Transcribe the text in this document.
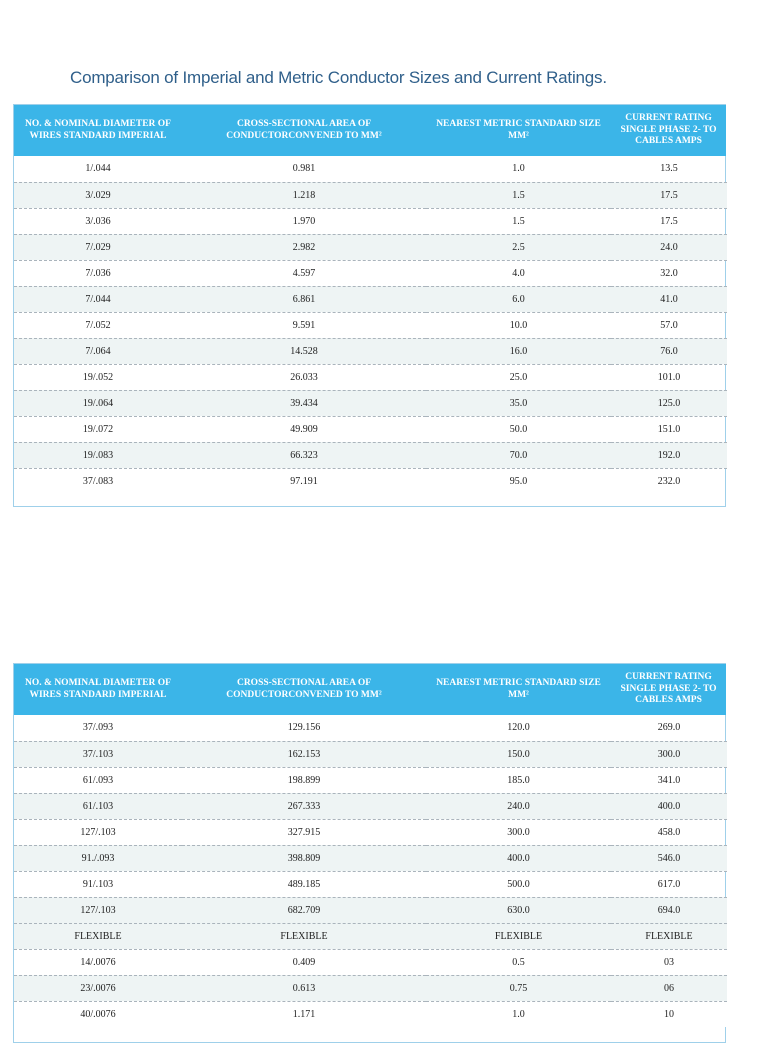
Comparison of Imperial and Metric Conductor Sizes and Current Ratings.
NO. & NOMINAL DIAMETER OF WIRES STANDARD IMPERIAL	CROSS-SECTIONAL AREA OF CONDUCTORCONVENED TO MM²	NEAREST METRIC STANDARD SIZE MM²	CURRENT RATING SINGLE PHASE 2- TO CABLES AMPS
1/.044	0.981	1.0	13.5
3/.029	1.218	1.5	17.5
3/.036	1.970	1.5	17.5
7/.029	2.982	2.5	24.0
7/.036	4.597	4.0	32.0
7/.044	6.861	6.0	41.0
7/.052	9.591	10.0	57.0
7/.064	14.528	16.0	76.0
19/.052	26.033	25.0	101.0
19/.064	39.434	35.0	125.0
19/.072	49.909	50.0	151.0
19/.083	66.323	70.0	192.0
37/.083	97.191	95.0	232.0
NO. & NOMINAL DIAMETER OF WIRES STANDARD IMPERIAL	CROSS-SECTIONAL AREA OF CONDUCTORCONVENED TO MM²	NEAREST METRIC STANDARD SIZE MM²	CURRENT RATING SINGLE PHASE 2- TO CABLES AMPS
37/.093	129.156	120.0	269.0
37/.103	162.153	150.0	300.0
61/.093	198.899	185.0	341.0
61/.103	267.333	240.0	400.0
127/.103	327.915	300.0	458.0
91./.093	398.809	400.0	546.0
91/.103	489.185	500.0	617.0
127/.103	682.709	630.0	694.0
FLEXIBLE	FLEXIBLE	FLEXIBLE	FLEXIBLE
14/.0076	0.409	0.5	03
23/.0076	0.613	0.75	06
40/.0076	1.171	1.0	10
